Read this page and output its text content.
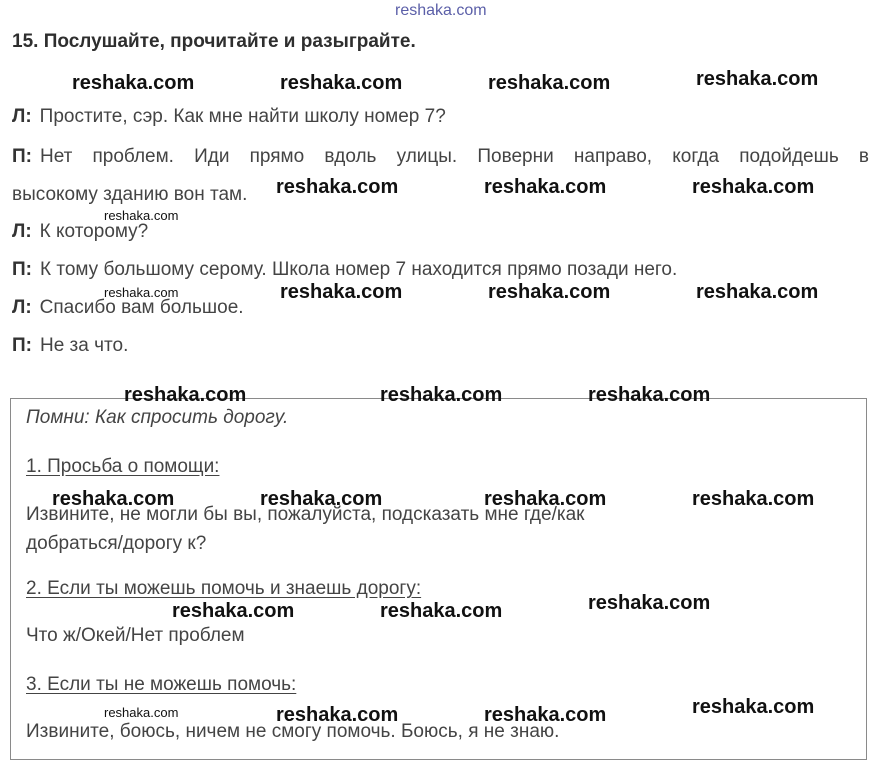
reshaka.com
15. Послушайте, прочитайте и разыграйте.
Л: Простите, сэр. Как мне найти школу номер 7?
П: Нет проблем. Иди прямо вдоль улицы. Поверни направо, когда подойдешь в
высокому зданию вон там.
Л: К которому?
П: К тому большому серому. Школа номер 7 находится прямо позади него.
Л: Спасибо вам большое.
П: Не за что.
Помни: Как спросить дорогу.
1. Просьба о помощи:
Извините, не могли бы вы, пожалуйста, подсказать мне где/как
добраться/дорогу к?
2. Если ты можешь помочь и знаешь дорогу:
Что ж/Окей/Нет проблем
3. Если ты не можешь помочь:
Извините, боюсь, ничем не смогу помочь. Боюсь, я не знаю.
reshaka.com	reshaka.com	reshaka.com	reshaka.com
reshaka.com	reshaka.com	reshaka.com
reshaka.com
reshaka.com	reshaka.com	reshaka.com
reshaka.com
reshaka.com	reshaka.com	reshaka.com
reshaka.com	reshaka.com	reshaka.com	reshaka.com
reshaka.com	reshaka.com	reshaka.com
reshaka.com	reshaka.com	reshaka.com	reshaka.com
